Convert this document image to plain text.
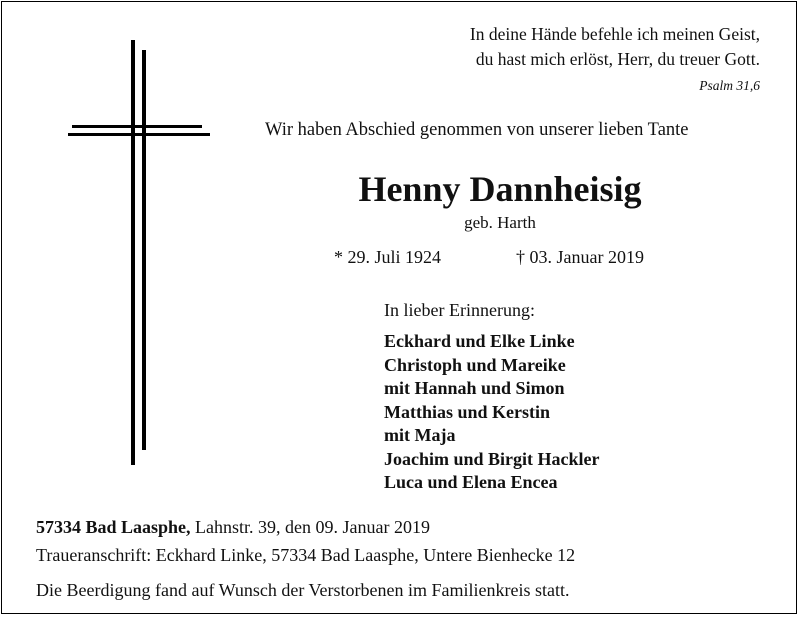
In deine Hände befehle ich meinen Geist,
du hast mich erlöst, Herr, du treuer Gott.
Psalm 31,6
Wir haben Abschied genommen von unserer lieben Tante
Henny Dannheisig
geb. Harth
* 29. Juli 1924	† 03. Januar 2019
In lieber Erinnerung:
Eckhard und Elke Linke
Christoph und Mareike
mit Hannah und Simon
Matthias und Kerstin
mit Maja
Joachim und Birgit Hackler
Luca und Elena Encea
57334 Bad Laasphe, Lahnstr. 39, den 09. Januar 2019
Traueranschrift: Eckhard Linke, 57334 Bad Laasphe, Untere Bienhecke 12
Die Beerdigung fand auf Wunsch der Verstorbenen im Familienkreis statt.
